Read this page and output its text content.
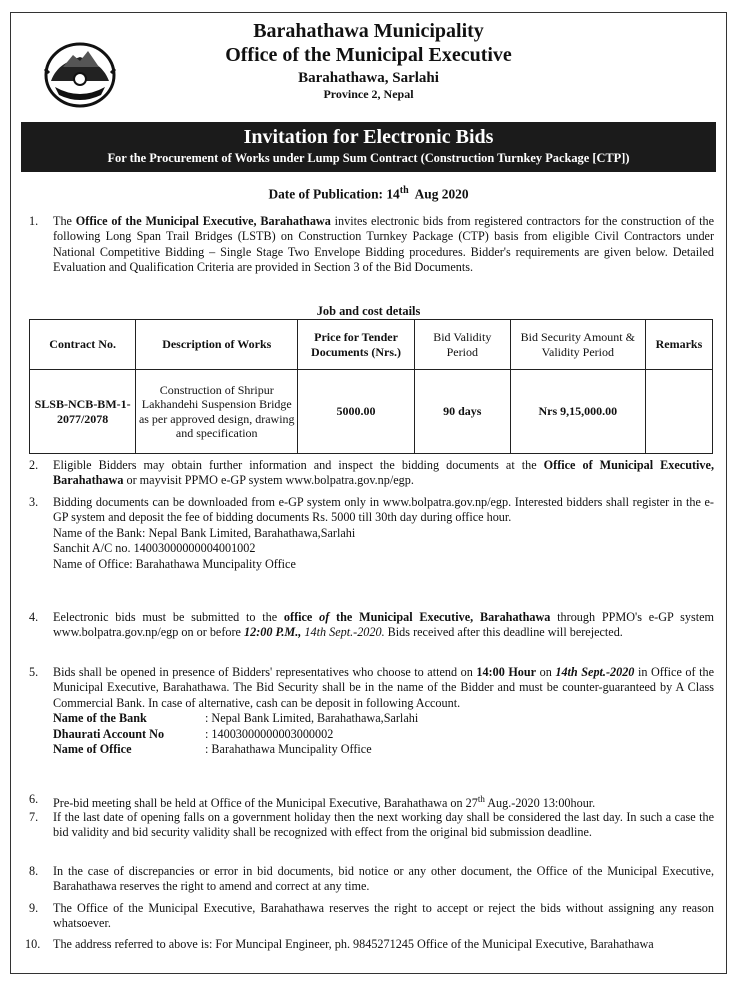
Barahathawa Municipality
Office of the Municipal Executive
Barahathawa, Sarlahi
Province 2, Nepal
Invitation for Electronic Bids
For the Procurement of Works under Lump Sum Contract (Construction Turnkey Package [CTP])
Date of Publication: 14th  Aug 2020
1. The Office of the Municipal Executive, Barahathawa invites electronic bids from registered contractors for the construction of the following Long Span Trail Bridges (LSTB) on Construction Turnkey Package (CTP) basis from eligible Civil Contractors under National Competitive Bidding – Single Stage Two Envelope Bidding procedures. Bidder's requirements are given below. Detailed Evaluation and Qualification Criteria are provided in Section 3 of the Bid Documents.
Job and cost details
Contract No.	Description of Works	Price for Tender Documents (Nrs.)	Bid Validity Period	Bid Security Amount & Validity Period	Remarks
SLSB-NCB-BM-1-2077/2078	Construction of Shripur Lakhandehi Suspension Bridge as per approved design, drawing and specification	5000.00	90 days	Nrs 9,15,000.00	
2. Eligible Bidders may obtain further information and inspect the bidding documents at the Office of Municipal Executive, Barahathawa or mayvisit PPMO e-GP system www.bolpatra.gov.np/egp.
3. Bidding documents can be downloaded from e-GP system only in www.bolpatra.gov.np/egp. Interested bidders shall register in the e-GP system and deposit the fee of bidding documents Rs. 5000 till 30th day during office hour.
Name of the Bank: Nepal Bank Limited, Barahathawa,Sarlahi
Sanchit A/C no. 14003000000004001002
Name of Office: Barahathawa Muncipality Office
4. Eelectronic bids must be submitted to the office of the Municipal Executive, Barahathawa through PPMO's e-GP system www.bolpatra.gov.np/egp on or before 12:00 P.M., 14th Sept.-2020. Bids received after this deadline will berejected.
5. Bids shall be opened in presence of Bidders' representatives who choose to attend on 14:00 Hour on 14th Sept.-2020 in Office of the Municipal Executive, Barahathawa. The Bid Security shall be in the name of the Bidder and must be counter-guaranteed by A Class Commercial Bank. In case of alternative, cash can be deposit in following Account.
Name of the Bank	: Nepal Bank Limited, Barahathawa,Sarlahi
Dhaurati Account No	: 14003000000003000002
Name of Office	: Barahathawa Muncipality Office
6. Pre-bid meeting shall be held at Office of the Municipal Executive, Barahathawa on 27th Aug.-2020 13:00hour.
7. If the last date of opening falls on a government holiday then the next working day shall be considered the last day. In such a case the bid validity and bid security validity shall be recognized with effect from the original bid submission deadline.
8. In the case of discrepancies or error in bid documents, bid notice or any other document, the Office of the Municipal Executive, Barahathawa reserves the right to amend and correct at any time.
9. The Office of the Municipal Executive, Barahathawa reserves the right to accept or reject the bids without assigning any reason whatsoever.
10. The address referred to above is: For Muncipal Engineer, ph. 9845271245 Office of the Municipal Executive, Barahathawa
